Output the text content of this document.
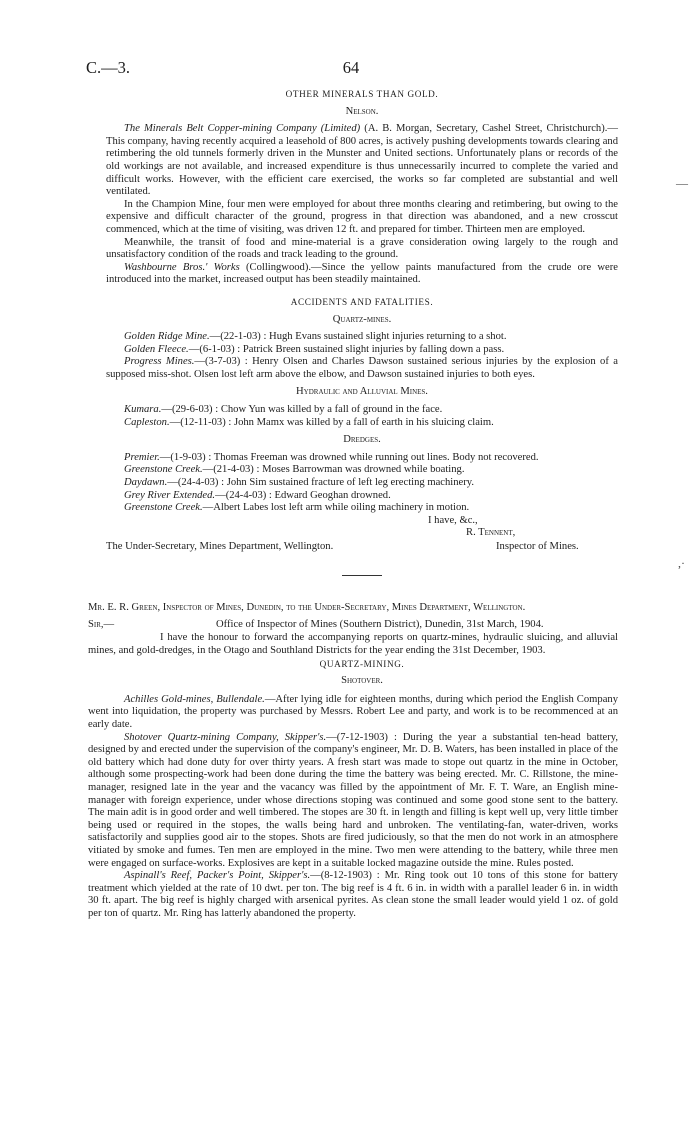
C.—3.	64
—
,·

OTHER MINERALS THAN GOLD.

Nelson.

The Minerals Belt Copper-mining Company (Limited) (A. B. Morgan, Secretary, Cashel Street, Christchurch).—This company, having recently acquired a leasehold of 800 acres, is actively pushing developments towards clearing and retimbering the old tunnels formerly driven in the Munster and United sections. Unfortunately plans or records of the old workings are not available, and increased expenditure is thus unnecessarily incurred to complete the varied and difficult works. However, with the efficient care exercised, the works so far completed are substantial and well ventilated.

In the Champion Mine, four men were employed for about three months clearing and retimbering, but owing to the expensive and difficult character of the ground, progress in that direction was abandoned, and a new crosscut commenced, which at the time of visiting, was driven 12 ft. and prepared for timber. Thirteen men are employed.

Meanwhile, the transit of food and mine-material is a grave consideration owing largely to the rough and unsatisfactory condition of the roads and track leading to the ground.

Washbourne Bros.' Works (Collingwood).—Since the yellow paints manufactured from the crude ore were introduced into the market, increased output has been steadily maintained.

ACCIDENTS AND FATALITIES.

Quartz-mines.

Golden Ridge Mine.—(22-1-03) : Hugh Evans sustained slight injuries returning to a shot.

Golden Fleece.—(6-1-03) : Patrick Breen sustained slight injuries by falling down a pass.

Progress Mines.—(3-7-03) : Henry Olsen and Charles Dawson sustained serious injuries by the explosion of a supposed miss-shot. Olsen lost left arm above the elbow, and Dawson sustained injuries to both eyes.

Hydraulic and Alluvial Mines.

Kumara.—(29-6-03) : Chow Yun was killed by a fall of ground in the face.

Capleston.—(12-11-03) : John Mamx was killed by a fall of earth in his sluicing claim.

Dredges.

Premier.—(1-9-03) : Thomas Freeman was drowned while running out lines. Body not recovered.

Greenstone Creek.—(21-4-03) : Moses Barrowman was drowned while boating.

Daydawn.—(24-4-03) : John Sim sustained fracture of left leg erecting machinery.

Grey River Extended.—(24-4-03) : Edward Geoghan drowned.

Greenstone Creek.—Albert Labes lost left arm while oiling machinery in motion.

I have, &c.,
R. Tennent,
The Under-Secretary, Mines Department, Wellington.	Inspector of Mines.

Mr. E. R. Green, Inspector of Mines, Dunedin, to the Under-Secretary, Mines Department, Wellington.

Sir,—	Office of Inspector of Mines (Southern District), Dunedin, 31st March, 1904.

I have the honour to forward the accompanying reports on quartz-mines, hydraulic sluicing, and alluvial mines, and gold-dredges, in the Otago and Southland Districts for the year ending the 31st December, 1903.

QUARTZ-MINING.

Shotover.

Achilles Gold-mines, Bullendale.—After lying idle for eighteen months, during which period the English Company went into liquidation, the property was purchased by Messrs. Robert Lee and party, and work is to be recommenced at an early date.

Shotover Quartz-mining Company, Skipper's.—(7-12-1903) : During the year a substantial ten-head battery, designed by and erected under the supervision of the company's engineer, Mr. D. B. Waters, has been installed in place of the old battery which had done duty for over thirty years. A fresh start was made to stope out quartz in the mine in October, although some prospecting-work had been done during the time the battery was being erected. Mr. C. Rillstone, the mine-manager, resigned late in the year and the vacancy was filled by the appointment of Mr. F. T. Ware, an English mine-manager with foreign experience, under whose directions stoping was continued and some good stone sent to the battery. The main adit is in good order and well timbered. The stopes are 30 ft. in length and filling is kept well up, very little timber being used or required in the stopes, the walls being hard and unbroken. The ventilating-fan, water-driven, works satisfactorily and supplies good air to the stopes. Shots are fired judiciously, so that the men do not work in an atmosphere vitiated by smoke and fumes. Ten men are employed in the mine. Two men were attending to the battery, while three men were engaged on surface-works. Explosives are kept in a suitable locked magazine outside the mine. Rules posted.

Aspinall's Reef, Packer's Point, Skipper's.—(8-12-1903) : Mr. Ring took out 10 tons of this stone for battery treatment which yielded at the rate of 10 dwt. per ton. The big reef is 4 ft. 6 in. in width with a parallel leader 6 in. in width 30 ft. apart. The big reef is highly charged with arsenical pyrites. As clean stone the small leader would yield 1 oz. of gold per ton of quartz. Mr. Ring has latterly abandoned the property.
